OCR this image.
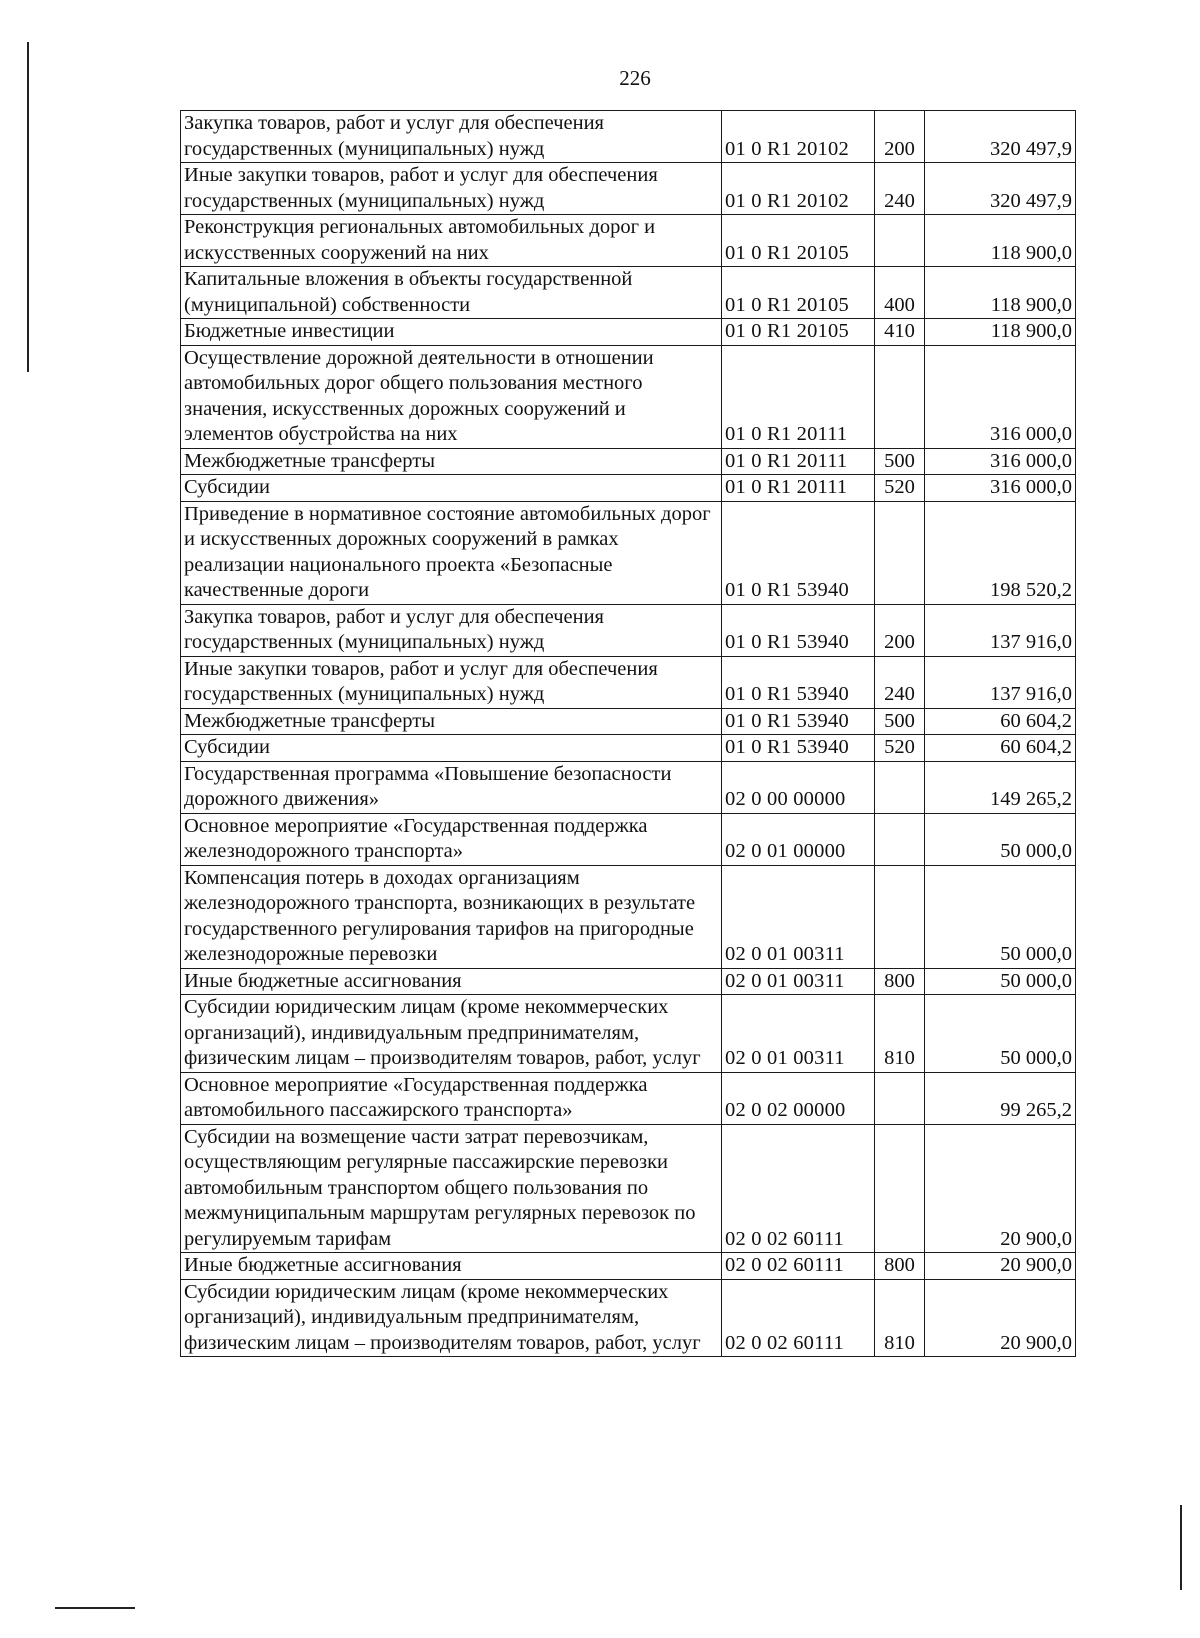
226
Закупка товаров, работ и услуг для обеспечения государственных (муниципальных) нужд	01 0 R1 20102	200	320 497,9
Иные закупки товаров, работ и услуг для обеспечения государственных (муниципальных) нужд	01 0 R1 20102	240	320 497,9
Реконструкция региональных автомобильных дорог и искусственных сооружений на них	01 0 R1 20105		118 900,0
Капитальные вложения в объекты государственной (муниципальной) собственности	01 0 R1 20105	400	118 900,0
Бюджетные инвестиции	01 0 R1 20105	410	118 900,0
Осуществление дорожной деятельности в отношении автомобильных дорог общего пользования местного значения, искусственных дорожных сооружений и элементов обустройства на них	01 0 R1 20111		316 000,0
Межбюджетные трансферты	01 0 R1 20111	500	316 000,0
Субсидии	01 0 R1 20111	520	316 000,0
Приведение в нормативное состояние автомобильных дорог и искусственных дорожных сооружений в рамках реализации национального проекта «Безопасные качественные дороги	01 0 R1 53940		198 520,2
Закупка товаров, работ и услуг для обеспечения государственных (муниципальных) нужд	01 0 R1 53940	200	137 916,0
Иные закупки товаров, работ и услуг для обеспечения государственных (муниципальных) нужд	01 0 R1 53940	240	137 916,0
Межбюджетные трансферты	01 0 R1 53940	500	60 604,2
Субсидии	01 0 R1 53940	520	60 604,2
Государственная программа «Повышение безопасности дорожного движения»	02 0 00 00000		149 265,2
Основное мероприятие «Государственная поддержка железнодорожного транспорта»	02 0 01 00000		50 000,0
Компенсация потерь в доходах организациям железнодорожного транспорта, возникающих в результате государственного регулирования тарифов на пригородные железнодорожные перевозки	02 0 01 00311		50 000,0
Иные бюджетные ассигнования	02 0 01 00311	800	50 000,0
Субсидии юридическим лицам (кроме некоммерческих организаций), индивидуальным предпринимателям, физическим лицам – производителям товаров, работ, услуг	02 0 01 00311	810	50 000,0
Основное мероприятие «Государственная поддержка автомобильного пассажирского транспорта»	02 0 02 00000		99 265,2
Субсидии на возмещение части затрат перевозчикам, осуществляющим регулярные пассажирские перевозки автомобильным транспортом общего пользования по межмуниципальным маршрутам регулярных перевозок по регулируемым тарифам	02 0 02 60111		20 900,0
Иные бюджетные ассигнования	02 0 02 60111	800	20 900,0
Субсидии юридическим лицам (кроме некоммерческих организаций), индивидуальным предпринимателям, физическим лицам – производителям товаров, работ, услуг	02 0 02 60111	810	20 900,0
